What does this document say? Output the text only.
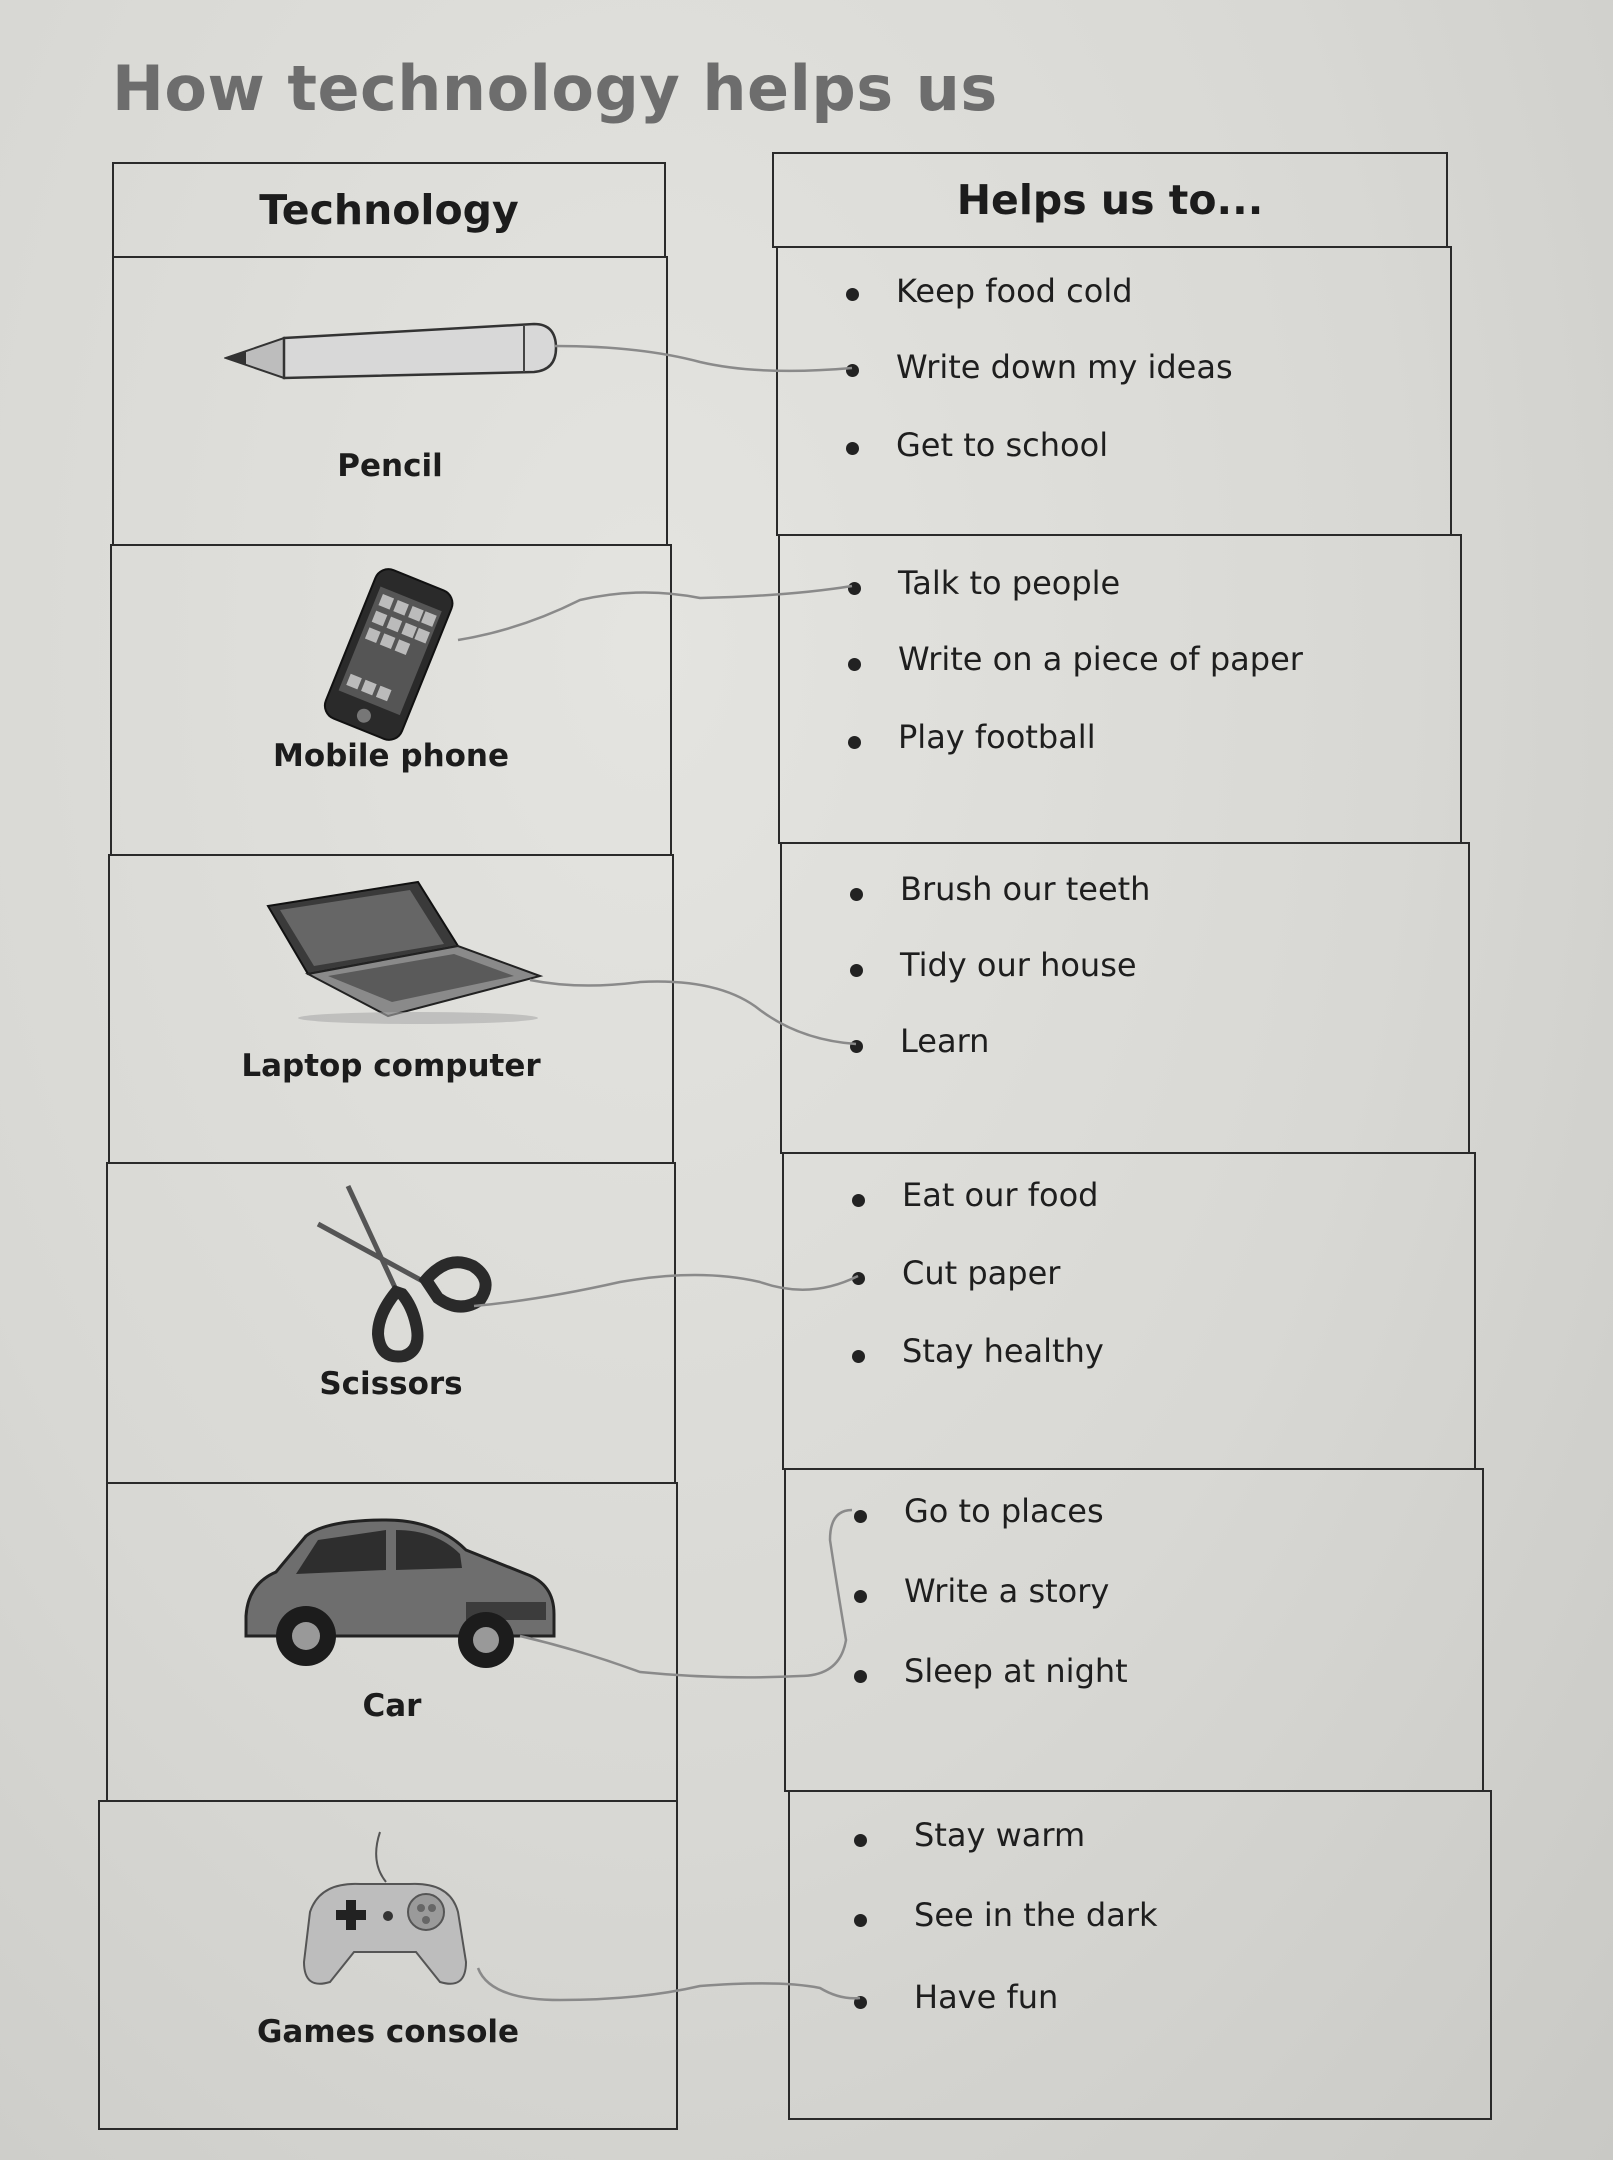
How technology helps us
Technology	Helps us to...
Pencil
Mobile phone
Laptop computer
Scissors
Car
Games console
Keep food cold
Write down my ideas
Get to school
Talk to people
Write on a piece of paper
Play football
Brush our teeth
Tidy our house
Learn
Eat our food
Cut paper
Stay healthy
Go to places
Write a story
Sleep at night
Stay warm
See in the dark
Have fun
